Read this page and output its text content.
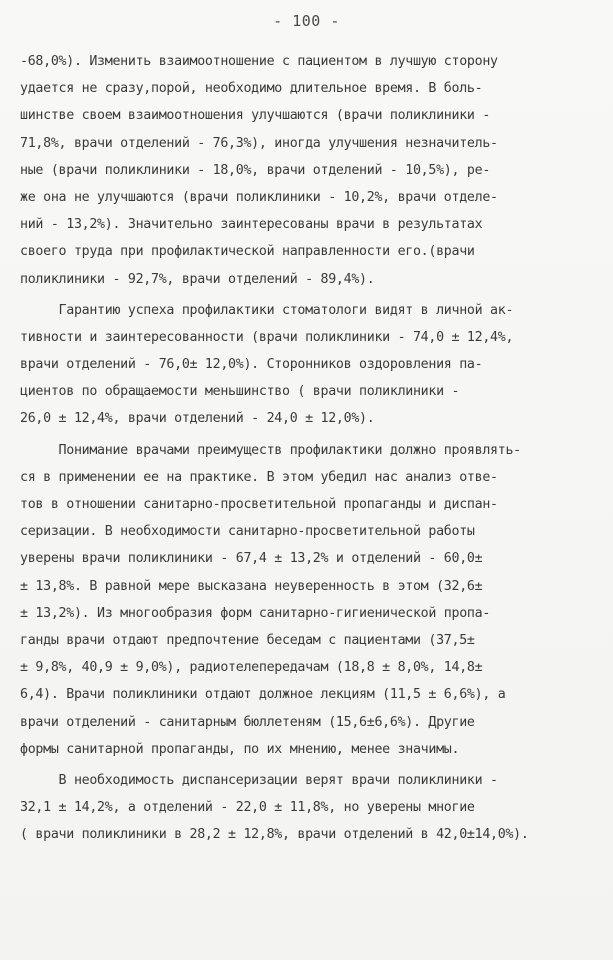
- 100 -
-68,0%). Изменить взаимоотношение с пациентом в лучшую сторону
удается не сразу,порой, необходимо длительное время. В боль-
шинстве своем взаимоотношения улучшаются (врачи поликлиники -
71,8%, врачи отделений - 76,3%), иногда улучшения незначитель-
ные (врачи поликлиники - 18,0%, врачи отделений - 10,5%), ре-
же она не улучшаются (врачи поликлиники - 10,2%, врачи отделе-
ний - 13,2%). Значительно заинтересованы врачи в результатах
своего труда при профилактической направленности его.(врачи
поликлиники - 92,7%, врачи отделений - 89,4%).
Гарантию успеха профилактики стоматологи видят в личной ак-
тивности и заинтересованности (врачи поликлиники - 74,0 ± 12,4%,
врачи отделений - 76,0± 12,0%). Сторонников оздоровления па-
циентов по обращаемости меньшинство ( врачи поликлиники -
26,0 ± 12,4%, врачи отделений - 24,0 ± 12,0%).
Понимание врачами преимуществ профилактики должно проявлять-
ся в применении ее на практике. В этом убедил нас анализ отве-
тов в отношении санитарно-просветительной пропаганды и диспан-
серизации. В необходимости санитарно-просветительной работы
уверены врачи поликлиники - 67,4 ± 13,2% и отделений - 60,0±
± 13,8%. В равной мере высказана неуверенность в этом (32,6±
± 13,2%). Из многообразия форм санитарно-гигиенической пропа-
ганды врачи отдают предпочтение беседам с пациентами (37,5±
± 9,8%, 40,9 ± 9,0%), радиотелепередачам (18,8 ± 8,0%, 14,8±
6,4). Врачи поликлиники отдают должное лекциям (11,5 ± 6,6%), а
врачи отделений - санитарным бюллетеням (15,6±6,6%). Другие
формы санитарной пропаганды, по их мнению, менее значимы.
В необходимость диспансеризации верят врачи поликлиники -
32,1 ± 14,2%, а отделений - 22,0 ± 11,8%, но уверены многие
( врачи поликлиники в 28,2 ± 12,8%, врачи отделений в 42,0±14,0%).
